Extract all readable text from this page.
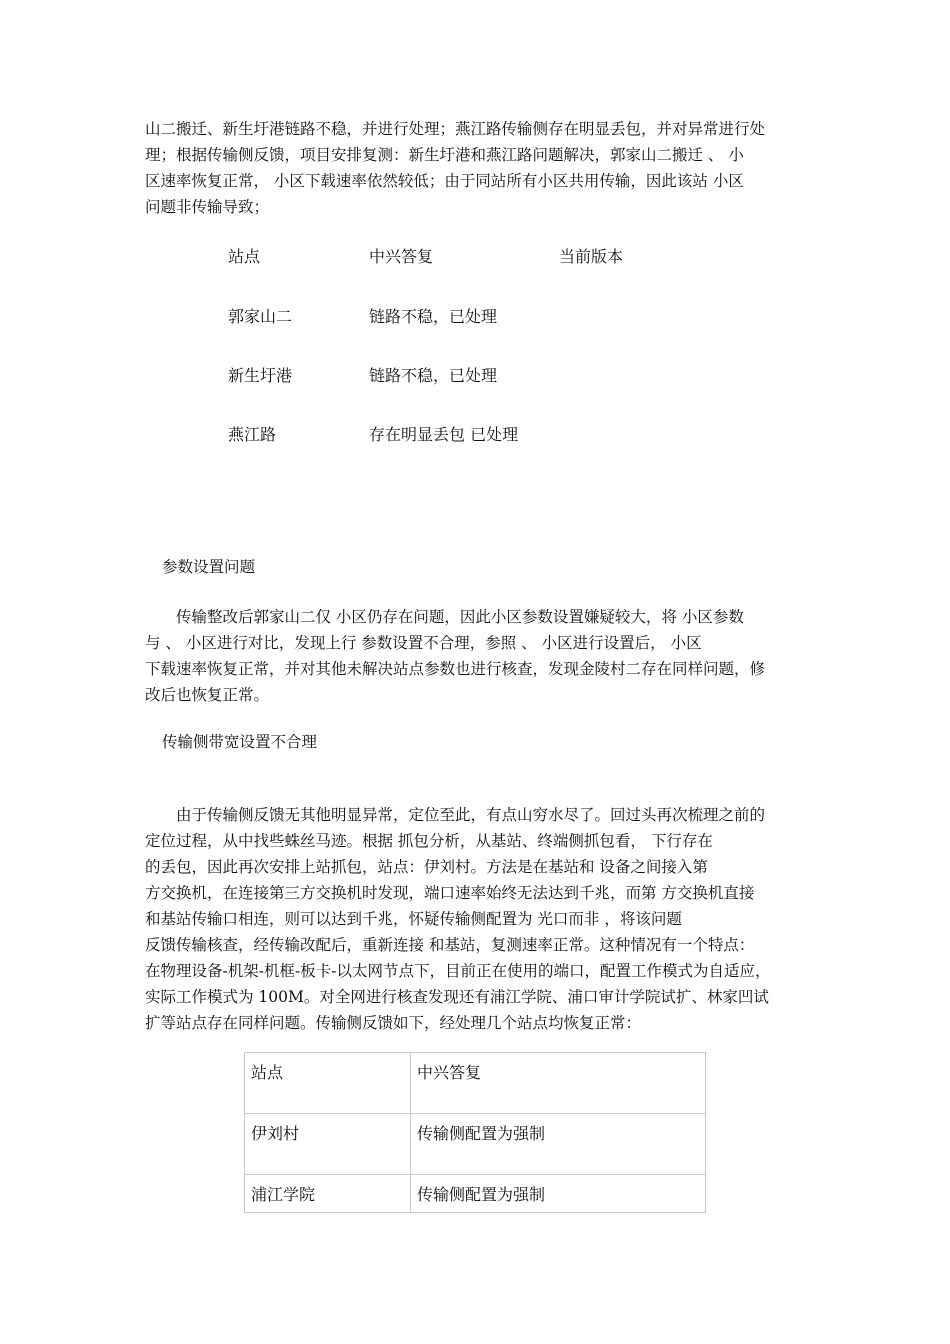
山二搬迁、新生圩港链路不稳，并进行处理；燕江路传输侧存在明显丢包，并对异常进行处
理；根据传输侧反馈，项目安排复测：新生圩港和燕江路问题解决，郭家山二搬迁 、 小
区速率恢复正常， 小区下载速率依然较低；由于同站所有小区共用传输，因此该站 小区
问题非传输导致；

站点	中兴答复	当前版本
郭家山二	链路不稳，已处理
新生圩港	链路不稳，已处理
燕江路	存在明显丢包 已处理
参数设置问题

传输整改后郭家山二仅 小区仍存在问题，因此小区参数设置嫌疑较大，将 小区参数
与 、 小区进行对比，发现上行 参数设置不合理，参照 、 小区进行设置后， 小区
下载速率恢复正常，并对其他未解决站点参数也进行核查，发现金陵村二存在同样问题，修
改后也恢复正常。

传输侧带宽设置不合理

由于传输侧反馈无其他明显异常，定位至此，有点山穷水尽了。回过头再次梳理之前的
定位过程，从中找些蛛丝马迹。根据 抓包分析，从基站、终端侧抓包看， 下行存在
的丢包，因此再次安排上站抓包，站点：伊刘村。方法是在基站和 设备之间接入第
方交换机，在连接第三方交换机时发现，端口速率始终无法达到千兆，而第 方交换机直接
和基站传输口相连，则可以达到千兆，怀疑传输侧配置为 光口而非 ，将该问题
反馈传输核查，经传输改配后，重新连接 和基站，复测速率正常。这种情况有一个特点：
在物理设备-机架-机框-板卡-以太网节点下，目前正在使用的端口，配置工作模式为自适应，
实际工作模式为 100M。对全网进行核查发现还有浦江学院、浦口审计学院试扩、林家凹试
扩等站点存在同样问题。传输侧反馈如下，经处理几个站点均恢复正常：

站点	中兴答复
伊刘村	传输侧配置为强制
浦江学院	传输侧配置为强制
